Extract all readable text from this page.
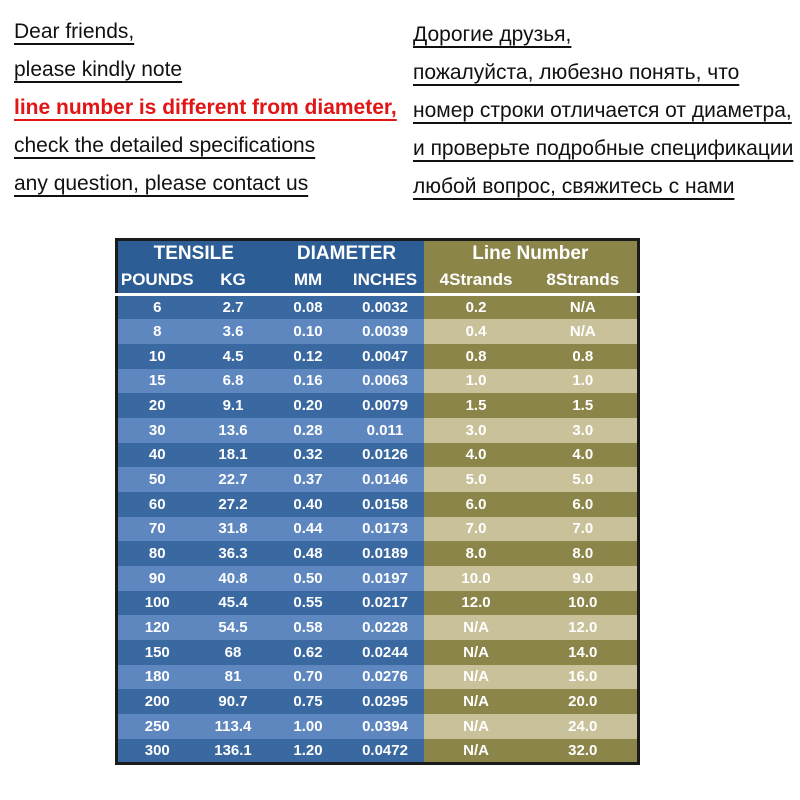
Dear friends,
please kindly note
line number is different from diameter,
check the detailed specifications
any question, please contact us
Дорогие друзья,
пожалуйста, любезно понять, что
номер строки отличается от диаметра,
и проверьте подробные спецификации
любой вопрос, свяжитесь с нами
TENSILE		DIAMETER		Line Number	
POUNDS	KG	MM	INCHES	4Strands	8Strands
6	2.7	0.08	0.0032	0.2	N/A
8	3.6	0.10	0.0039	0.4	N/A
10	4.5	0.12	0.0047	0.8	0.8
15	6.8	0.16	0.0063	1.0	1.0
20	9.1	0.20	0.0079	1.5	1.5
30	13.6	0.28	0.011	3.0	3.0
40	18.1	0.32	0.0126	4.0	4.0
50	22.7	0.37	0.0146	5.0	5.0
60	27.2	0.40	0.0158	6.0	6.0
70	31.8	0.44	0.0173	7.0	7.0
80	36.3	0.48	0.0189	8.0	8.0
90	40.8	0.50	0.0197	10.0	9.0
100	45.4	0.55	0.0217	12.0	10.0
120	54.5	0.58	0.0228	N/A	12.0
150	68	0.62	0.0244	N/A	14.0
180	81	0.70	0.0276	N/A	16.0
200	90.7	0.75	0.0295	N/A	20.0
250	113.4	1.00	0.0394	N/A	24.0
300	136.1	1.20	0.0472	N/A	32.0
